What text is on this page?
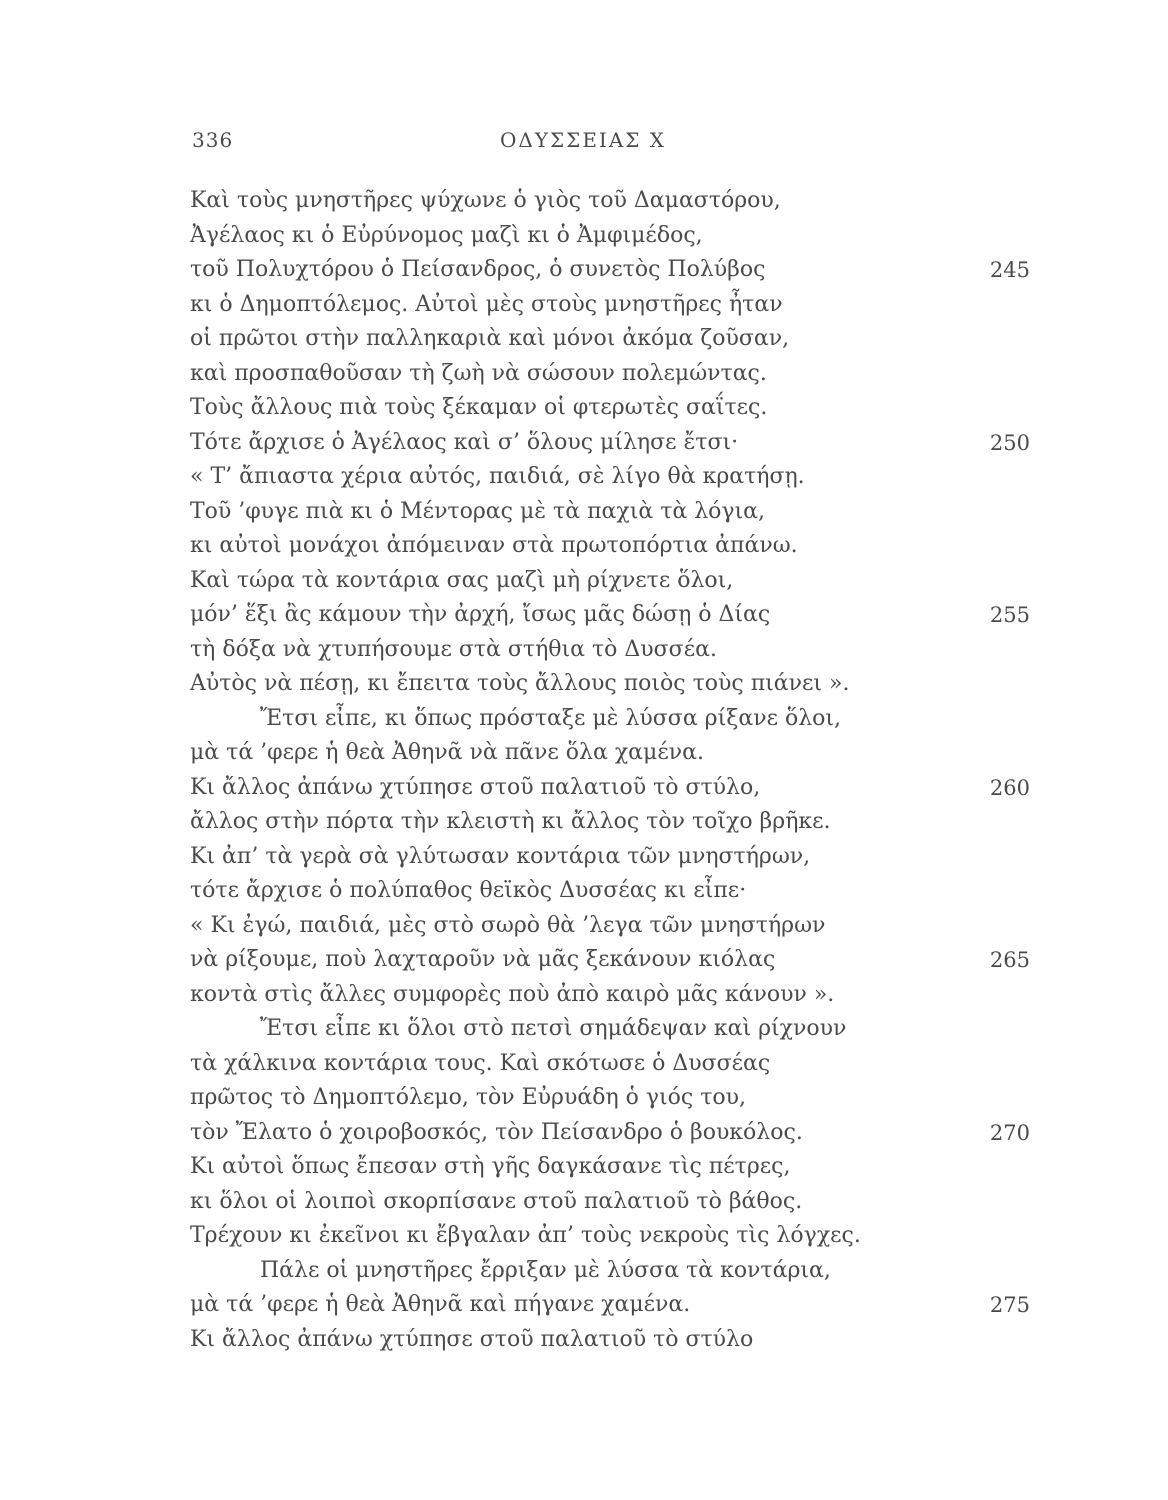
336	ΟΔΥΣΣΕΙΑΣ Χ
Καὶ τοὺς μνηστῆρες ψύχωνε ὁ γιὸς τοῦ Δαμαστόρου,
Ἀγέλαος κι ὁ Εὐρύνομος μαζὶ κι ὁ Ἀμφιμέδος,
τοῦ Πολυχτόρου ὁ Πείσανδρος, ὁ συνετὸς Πολύβος	245
κι ὁ Δημοπτόλεμος. Αὐτοὶ μὲς στοὺς μνηστῆρες ἦταν
οἱ πρῶτοι στὴν παλληκαριὰ καὶ μόνοι ἀκόμα ζοῦσαν,
καὶ προσπαθοῦσαν τὴ ζωὴ νὰ σώσουν πολεμώντας.
Τοὺς ἄλλους πιὰ τοὺς ξέκαμαν οἱ φτερωτὲς σαΐτες.
Τότε ἄρχισε ὁ Ἀγέλαος καὶ σ’ ὅλους μίλησε ἔτσι·	250
« Τ’ ἄπιαστα χέρια αὐτός, παιδιά, σὲ λίγο θὰ κρατήσῃ.
Τοῦ ’φυγε πιὰ κι ὁ Μέντορας μὲ τὰ παχιὰ τὰ λόγια,
κι αὐτοὶ μονάχοι ἀπόμειναν στὰ πρωτοπόρτια ἀπάνω.
Καὶ τώρα τὰ κοντάρια σας μαζὶ μὴ ρίχνετε ὅλοι,
μόν’ ἕξι ἂς κάμουν τὴν ἀρχή, ἴσως μᾶς δώσῃ ὁ Δίας	255
τὴ δόξα νὰ χτυπήσουμε στὰ στήθια τὸ Δυσσέα.
Αὐτὸς νὰ πέσῃ, κι ἔπειτα τοὺς ἄλλους ποιὸς τοὺς πιάνει ».
Ἔτσι εἶπε, κι ὅπως πρόσταξε μὲ λύσσα ρίξανε ὅλοι,
μὰ τά ’φερε ἡ θεὰ Ἀθηνᾶ νὰ πᾶνε ὅλα χαμένα.
Κι ἄλλος ἀπάνω χτύπησε στοῦ παλατιοῦ τὸ στύλο,	260
ἄλλος στὴν πόρτα τὴν κλειστὴ κι ἄλλος τὸν τοῖχο βρῆκε.
Κι ἀπ’ τὰ γερὰ σὰ γλύτωσαν κοντάρια τῶν μνηστήρων,
τότε ἄρχισε ὁ πολύπαθος θεϊκὸς Δυσσέας κι εἶπε·
« Κι ἐγώ, παιδιά, μὲς στὸ σωρὸ θὰ ’λεγα τῶν μνηστήρων
νὰ ρίξουμε, ποὺ λαχταροῦν νὰ μᾶς ξεκάνουν κιόλας	265
κοντὰ στὶς ἄλλες συμφορὲς ποὺ ἀπὸ καιρὸ μᾶς κάνουν ».
Ἔτσι εἶπε κι ὅλοι στὸ πετσὶ σημάδεψαν καὶ ρίχνουν
τὰ χάλκινα κοντάρια τους. Καὶ σκότωσε ὁ Δυσσέας
πρῶτος τὸ Δημοπτόλεμο, τὸν Εὐρυάδη ὁ γιός του,
τὸν Ἔλατο ὁ χοιροβοσκός, τὸν Πείσανδρο ὁ βουκόλος.	270
Κι αὐτοὶ ὅπως ἔπεσαν στὴ γῆς δαγκάσανε τὶς πέτρες,
κι ὅλοι οἱ λοιποὶ σκορπίσανε στοῦ παλατιοῦ τὸ βάθος.
Τρέχουν κι ἐκεῖνοι κι ἔβγαλαν ἀπ’ τοὺς νεκροὺς τὶς λόγχες.
Πάλε οἱ μνηστῆρες ἔρριξαν μὲ λύσσα τὰ κοντάρια,
μὰ τά ’φερε ἡ θεὰ Ἀθηνᾶ καὶ πήγανε χαμένα.	275
Κι ἄλλος ἀπάνω χτύπησε στοῦ παλατιοῦ τὸ στύλο
